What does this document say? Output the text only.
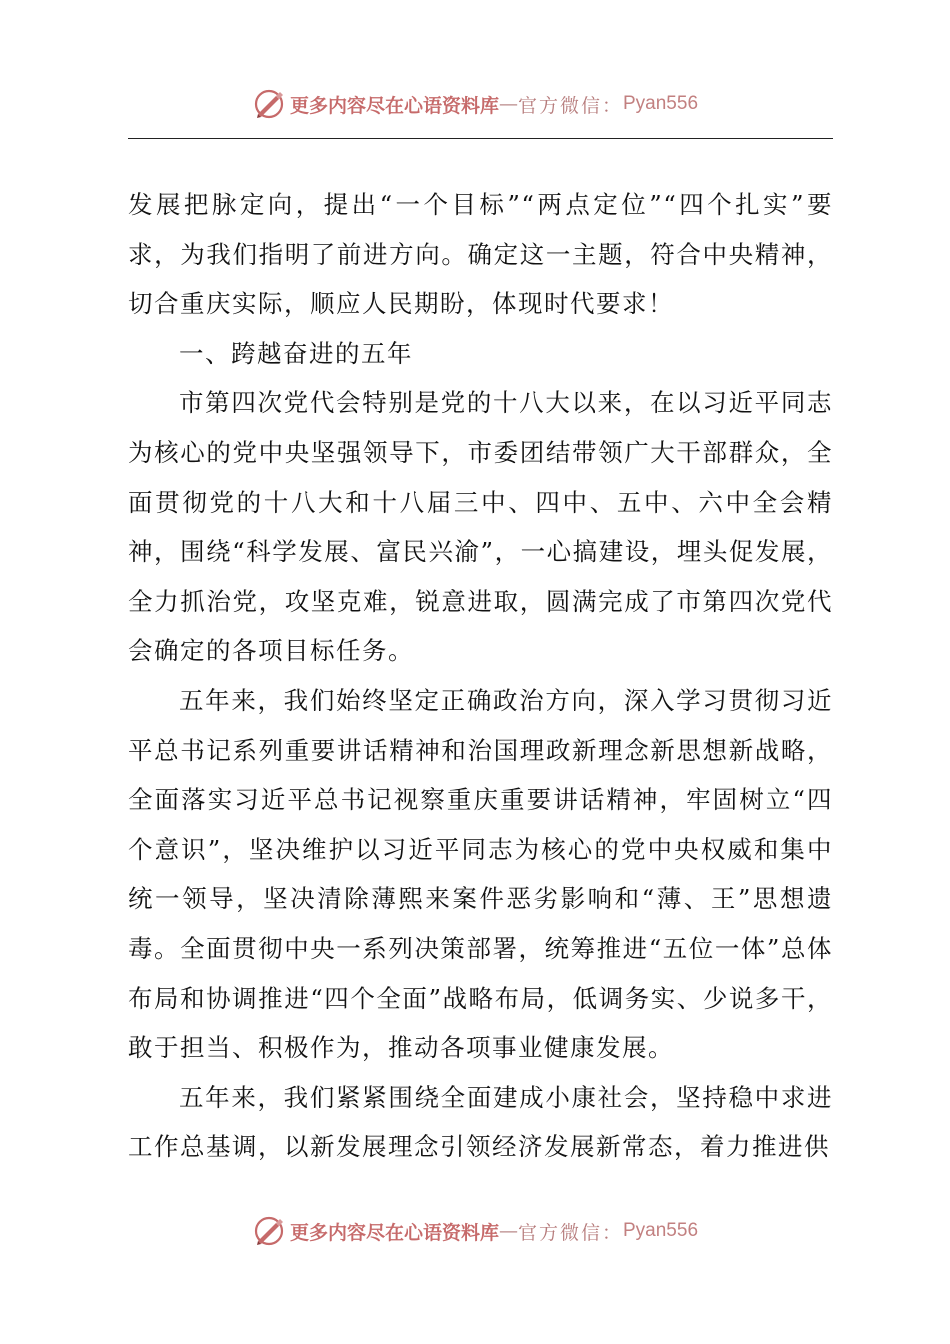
更多内容尽在心语资料库 — 官方微信： Pyan556

发展把脉定向，提出“一个目标”“两点定位”“四个扎实”要求，为我们指明了前进方向。确定这一主题，符合中央精神，切合重庆实际，顺应人民期盼，体现时代要求！

一、跨越奋进的五年

市第四次党代会特别是党的十八大以来，在以习近平同志为核心的党中央坚强领导下，市委团结带领广大干部群众，全面贯彻党的十八大和十八届三中、四中、五中、六中全会精神，围绕“科学发展、富民兴渝”，一心搞建设，埋头促发展，全力抓治党，攻坚克难，锐意进取，圆满完成了市第四次党代会确定的各项目标任务。

五年来，我们始终坚定正确政治方向，深入学习贯彻习近平总书记系列重要讲话精神和治国理政新理念新思想新战略，全面落实习近平总书记视察重庆重要讲话精神，牢固树立“四个意识”，坚决维护以习近平同志为核心的党中央权威和集中统一领导，坚决清除薄熙来案件恶劣影响和“薄、王”思想遗毒。全面贯彻中央一系列决策部署，统筹推进“五位一体”总体布局和协调推进“四个全面”战略布局，低调务实、少说多干，敢于担当、积极作为，推动各项事业健康发展。

五年来，我们紧紧围绕全面建成小康社会，坚持稳中求进工作总基调，以新发展理念引领经济发展新常态，着力推进供

更多内容尽在心语资料库 — 官方微信： Pyan556
